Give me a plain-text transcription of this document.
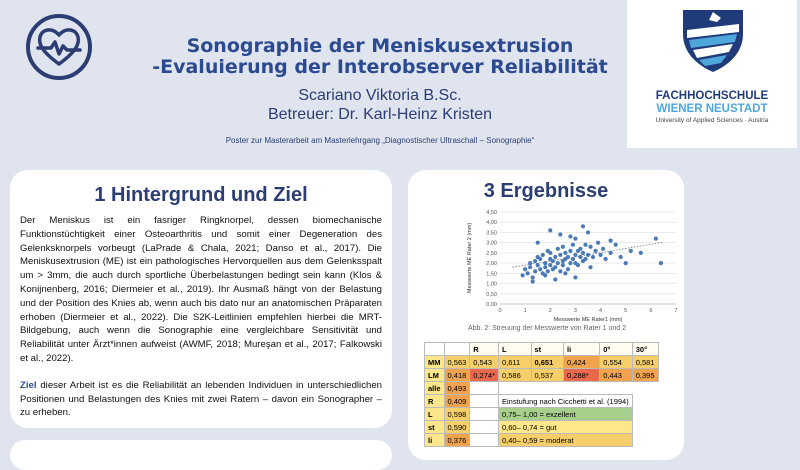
Sonographie der Meniskusextrusion
-Evaluierung der Interobserver Reliabilität
Scariano Viktoria B.Sc.
Betreuer: Dr. Karl-Heinz Kristen
Poster zur Masterarbeit am Masterlehrgang „Diagnostischer Ultraschall – Sonographie“
FACHHOCHSCHULE
WIENER NEUSTADT
University of Applied Sciences · Austria
1 Hintergrund und Ziel

Der Meniskus ist ein fasriger Ringknorpel, dessen biomechanische Funktionstüchtigkeit einer Osteoarthritis und somit einer Degeneration des Gelenksknorpels vorbeugt (LaPrade & Chala, 2021; Danso et al., 2017). Die Meniskusextrusion (ME) ist ein pathologisches Hervorquellen aus dem Gelenksspalt um > 3mm, die auch durch sportliche Überbelastungen bedingt sein kann (Klos & Konijnenberg, 2016; Diermeier et al., 2019). Ihr Ausmaß hängt von der Belastung und der Position des Knies ab, wenn auch bis dato nur an anatomischen Präparaten erhoben (Diermeier et al., 2022). Die S2K-Leitlinien empfehlen hierbei die MRT- Bildgebung, auch wenn die Sonographie eine vergleichbare Sensitivität und Reliabilität unter Ärzt*innen aufweist (AWMF, 2018; Mureşan et al., 2017; Falkowski et al., 2022).

Ziel dieser Arbeit ist es die Reliabilität an lebenden Individuen in unterschiedlichen Positionen und Belastungen des Knies mit zwei Ratern – davon ein Sonographer – zu erheben.

3 Ergebnisse
0,00
0,50
1,00
1,50
2,00
2,50
3,00
3,50
4,00
4,50
0	1	2	3	4	5	6	7
Messwerte ME Rater1 (mm)
Messwerte ME Rater 2 (mm)
Abb. 2: Streuung der Messwerte von Rater 1 und 2
		R	L	st	li	0°	30°
MM	0,563	0,543	0,611	0,651	0,424	0,554	0,581
LM	0,418	0,274*	0,586	0,537	0,288*	0,443	0,395
alle	0,493						
R	0,409		Einstufung nach Cicchetti et al. (1994)				
L	0,598		0,75– 1,00 = exzellent				
st	0,590		0,60– 0,74 = gut				
li	0,376		0,40– 0,59 = moderat				
